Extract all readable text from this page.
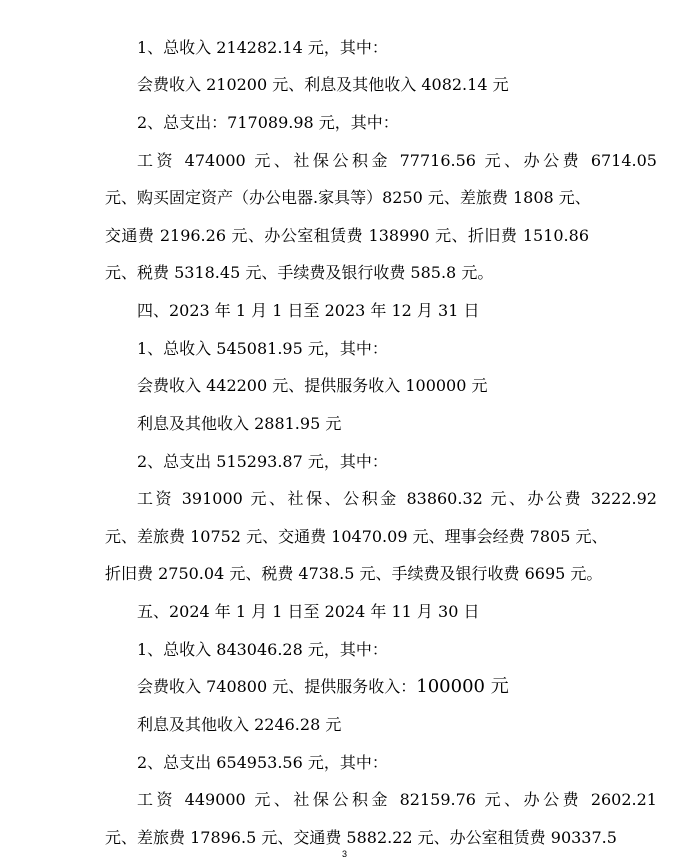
1、总收入 214282.14 元，其中：
会费收入 210200 元、利息及其他收入 4082.14 元
2、总支出：717089.98 元，其中：
工资 474000 元、社保公积金 77716.56 元、办公费 6714.05
元、购买固定资产（办公电器.家具等）8250 元、差旅费 1808 元、
交通费 2196.26 元、办公室租赁费 138990 元、折旧费 1510.86
元、税费 5318.45 元、手续费及银行收费 585.8 元。
四、2023 年 1 月 1 日至 2023 年 12 月 31 日
1、总收入 545081.95 元，其中：
会费收入 442200 元、提供服务收入 100000 元
利息及其他收入 2881.95 元
2、总支出 515293.87 元，其中：
工资 391000 元、社保、公积金 83860.32 元、办公费 3222.92
元、差旅费 10752 元、交通费 10470.09 元、理事会经费 7805 元、
折旧费 2750.04 元、税费 4738.5 元、手续费及银行收费 6695 元。
五、2024 年 1 月 1 日至 2024 年 11 月 30 日
1、总收入 843046.28 元，其中：
会费收入 740800 元、提供服务收入：100000 元
利息及其他收入 2246.28 元
2、总支出 654953.56 元，其中：
工资 449000 元、社保公积金 82159.76 元、办公费 2602.21
元、差旅费 17896.5 元、交通费 5882.22 元、办公室租赁费 90337.5
3
